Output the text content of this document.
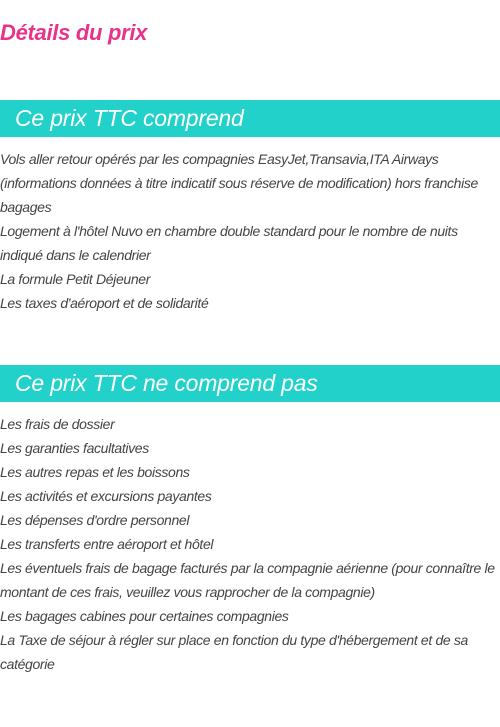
Détails du prix
Ce prix TTC comprend
Vols aller retour opérés par les compagnies EasyJet,Transavia,ITA Airways (informations données à titre indicatif sous réserve de modification) hors franchise bagages
Logement à l'hôtel Nuvo en chambre double standard pour le nombre de nuits indiqué dans le calendrier
La formule Petit Déjeuner
Les taxes d'aéroport et de solidarité
Ce prix TTC ne comprend pas
Les frais de dossier
Les garanties facultatives
Les autres repas et les boissons
Les activités et excursions payantes
Les dépenses d'ordre personnel
Les transferts entre aéroport et hôtel
Les éventuels frais de bagage facturés par la compagnie aérienne (pour connaître le montant de ces frais, veuillez vous rapprocher de la compagnie)
Les bagages cabines pour certaines compagnies
La Taxe de séjour à régler sur place en fonction du type d'hébergement et de sa catégorie
